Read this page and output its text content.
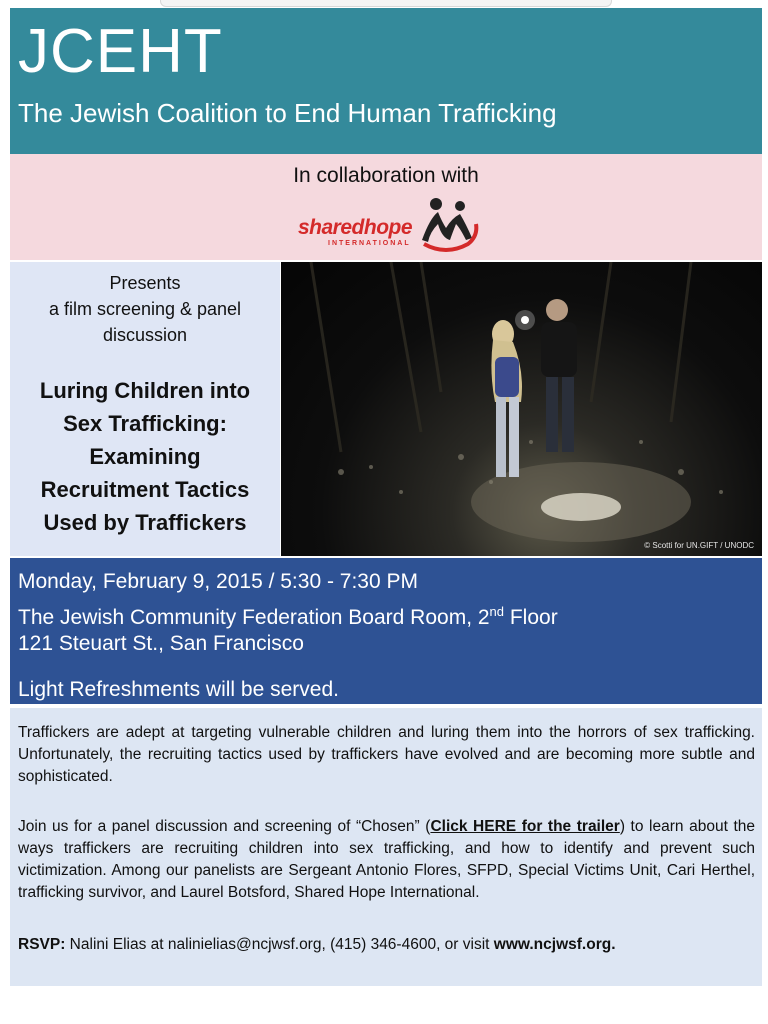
JCEHT
The Jewish Coalition to End Human Trafficking
In collaboration with
sharedhope
INTERNATIONAL
Presents
a film screening & panel
discussion
Luring Children into
Sex Trafficking:
Examining
Recruitment Tactics
Used by Traffickers
© Scotti for UN.GIFT / UNODC
Monday, February 9, 2015 / 5:30 - 7:30 PM
The Jewish Community Federation Board Room, 2nd Floor
121 Steuart St., San Francisco
Light Refreshments will be served.
Traffickers are adept at targeting vulnerable children and luring them into the horrors of sex trafficking. Unfortunately, the recruiting tactics used by traffickers have evolved and are becoming more subtle and sophisticated.
Join us for a panel discussion and screening of “Chosen” (Click HERE for the trailer) to learn about the ways traffickers are recruiting children into sex trafficking, and how to identify and prevent such victimization. Among our panelists are Sergeant Antonio Flores, SFPD, Special Victims Unit, Cari Herthel, trafficking survivor, and Laurel Botsford, Shared Hope International.
RSVP: Nalini Elias at nalinielias@ncjwsf.org, (415) 346-4600, or visit www.ncjwsf.org.
